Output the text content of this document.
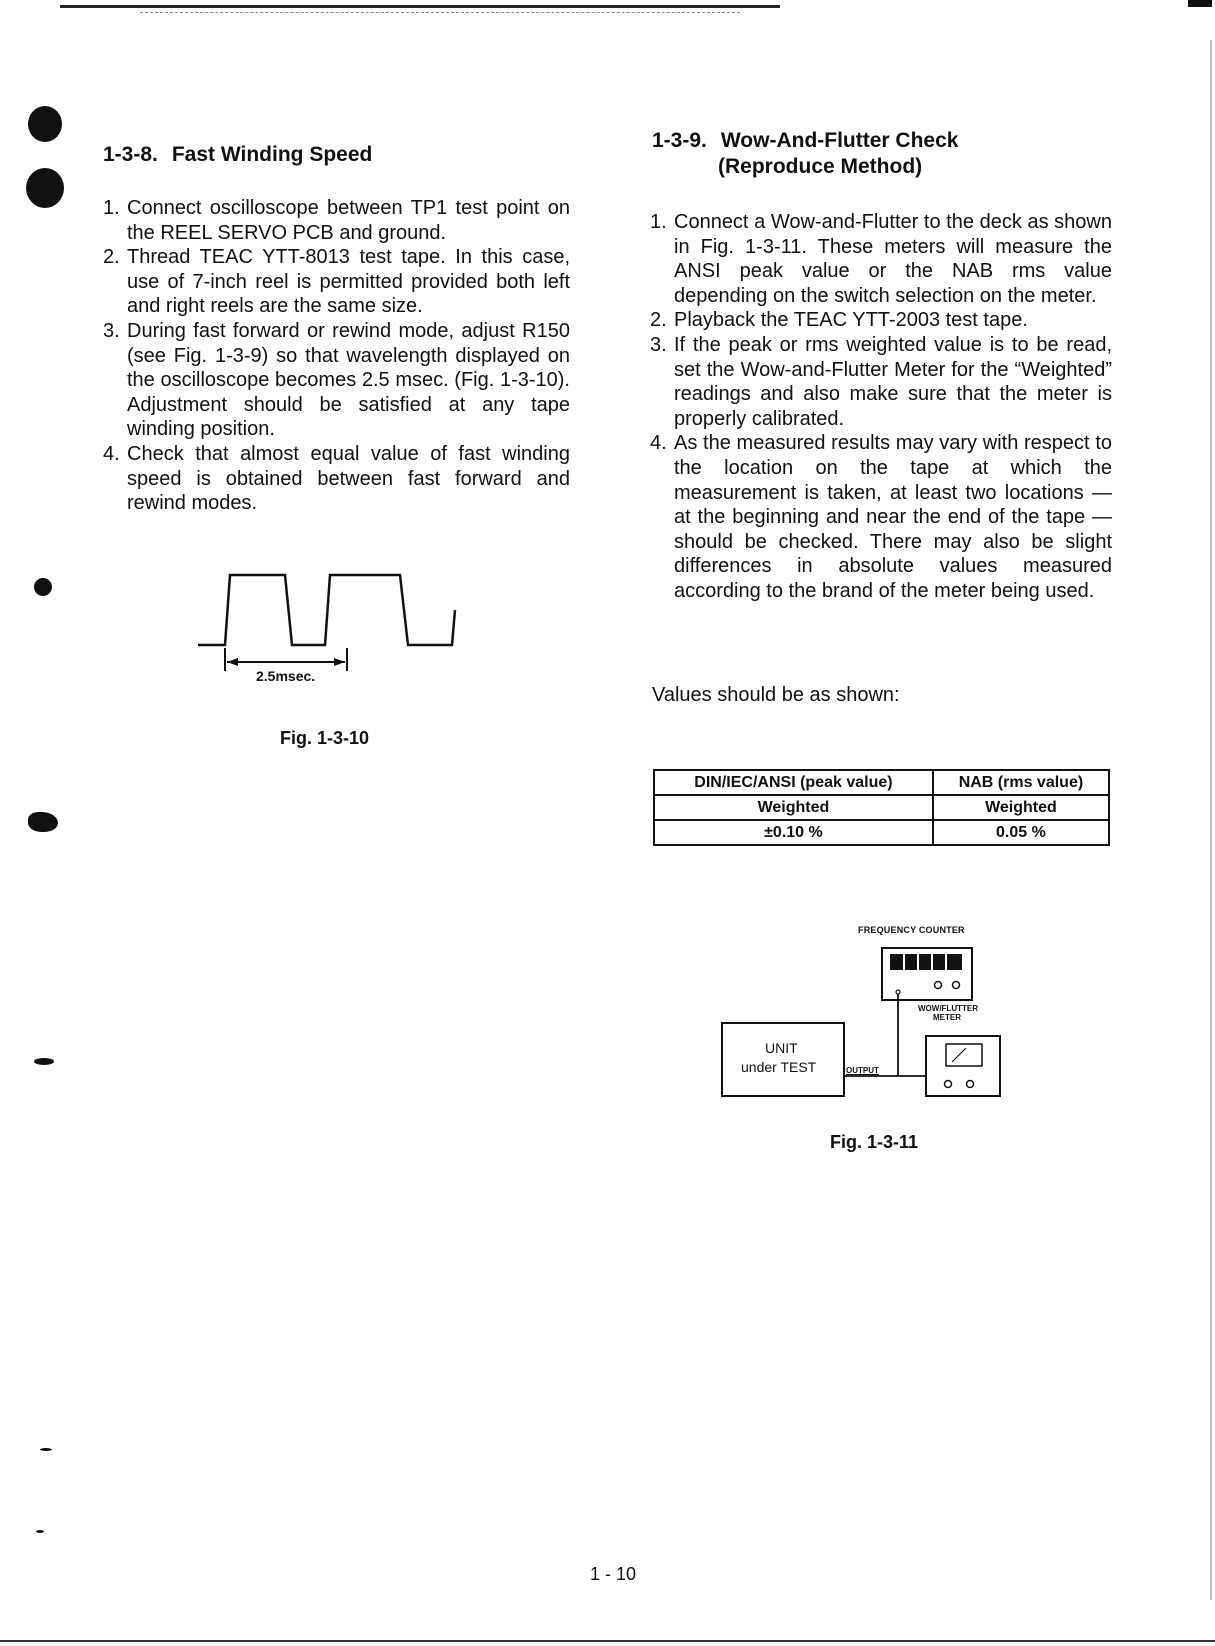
1-3-8. Fast Winding Speed
1. Connect oscilloscope between TP1 test point on the REEL SERVO PCB and ground.
2. Thread TEAC YTT-8013 test tape. In this case, use of 7-inch reel is permitted provided both left and right reels are the same size.
3. During fast forward or rewind mode, adjust R150 (see Fig. 1-3-9) so that wavelength displayed on the oscilloscope becomes 2.5 msec. (Fig. 1-3-10). Adjustment should be satisfied at any tape winding position.
4. Check that almost equal value of fast winding speed is obtained between fast forward and rewind modes.
2.5msec.
Fig. 1-3-10
1-3-9. Wow-And-Flutter Check
(Reproduce Method)
1. Connect a Wow-and-Flutter to the deck as shown in Fig. 1-3-11. These meters will measure the ANSI peak value or the NAB rms value depending on the switch selection on the meter.
2. Playback the TEAC YTT-2003 test tape.
3. If the peak or rms weighted value is to be read, set the Wow-and-Flutter Meter for the “Weighted” readings and also make sure that the meter is properly calibrated.
4. As the measured results may vary with respect to the location on the tape at which the measurement is taken, at least two locations — at the beginning and near the end of the tape — should be checked. There may also be slight differences in absolute values measured according to the brand of the meter being used.
Values should be as shown:
DIN/IEC/ANSI (peak value)	NAB (rms value)
Weighted	Weighted
±0.10 %	0.05 %
FREQUENCY COUNTER
WOW/FLUTTER
METER
UNIT
under TEST	OUTPUT
Fig. 1-3-11
1 - 10
